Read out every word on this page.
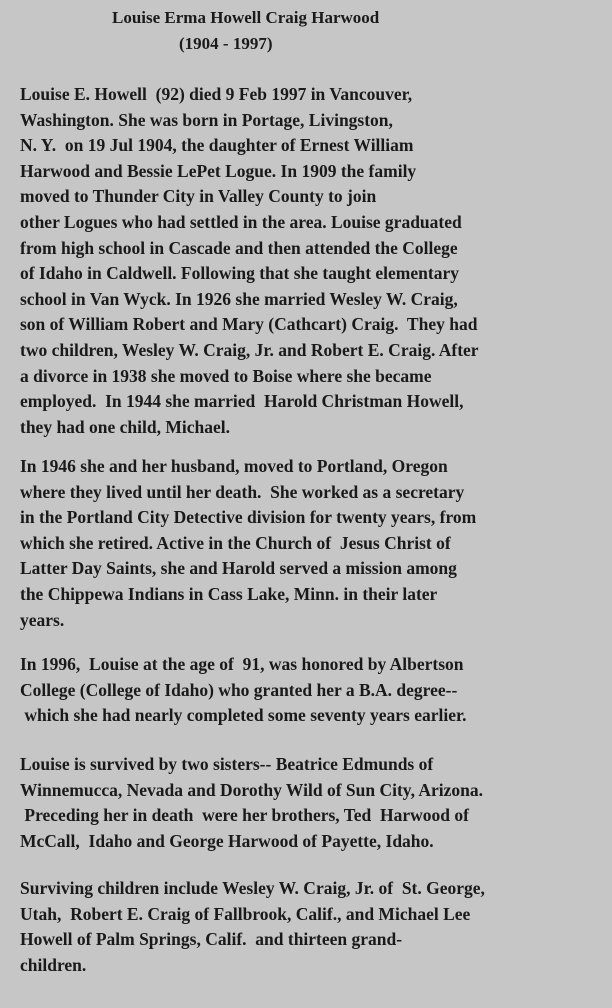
Louise Erma Howell Craig Harwood
(1904 - 1997)
Louise E. Howell  (92) died 9 Feb 1997 in Vancouver,
Washington. She was born in Portage, Livingston,
N. Y.  on 19 Jul 1904, the daughter of Ernest William
Harwood and Bessie LePet Logue. In 1909 the family
moved to Thunder City in Valley County to join
other Logues who had settled in the area. Louise graduated
from high school in Cascade and then attended the College
of Idaho in Caldwell. Following that she taught elementary
school in Van Wyck. In 1926 she married Wesley W. Craig,
son of William Robert and Mary (Cathcart) Craig.  They had
two children, Wesley W. Craig, Jr. and Robert E. Craig. After
a divorce in 1938 she moved to Boise where she became
employed.  In 1944 she married  Harold Christman Howell,
they had one child, Michael.
In 1946 she and her husband, moved to Portland, Oregon
where they lived until her death.  She worked as a secretary
in the Portland City Detective division for twenty years, from
which she retired. Active in the Church of  Jesus Christ of
Latter Day Saints, she and Harold served a mission among
the Chippewa Indians in Cass Lake, Minn. in their later
years.
In 1996,  Louise at the age of  91, was honored by Albertson
College (College of Idaho) who granted her a B.A. degree--
which she had nearly completed some seventy years earlier.
Louise is survived by two sisters-- Beatrice Edmunds of
Winnemucca, Nevada and Dorothy Wild of Sun City, Arizona.
Preceding her in death  were her brothers, Ted  Harwood of
McCall,  Idaho and George Harwood of Payette, Idaho.
Surviving children include Wesley W. Craig, Jr. of  St. George,
Utah,  Robert E. Craig of Fallbrook, Calif., and Michael Lee
Howell of Palm Springs, Calif.  and thirteen grand-
children.
